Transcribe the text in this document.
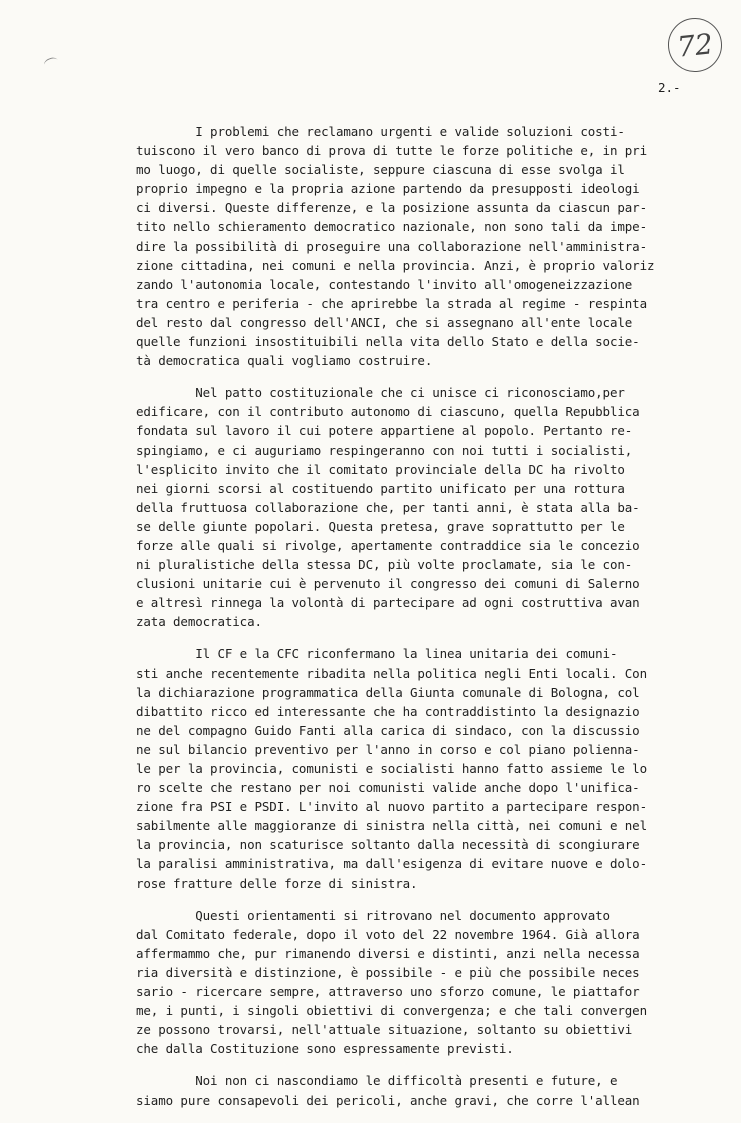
72
2.-
I problemi che reclamano urgenti e valide soluzioni costi-
tuiscono il vero banco di prova di tutte le forze politiche e, in pri
mo luogo, di quelle socialiste, seppure ciascuna di esse svolga il
proprio impegno e la propria azione partendo da presupposti ideologi
ci diversi. Queste differenze, e la posizione assunta da ciascun par-
tito nello schieramento democratico nazionale, non sono tali da impe-
dire la possibilità di proseguire una collaborazione nell'amministra-
zione cittadina, nei comuni e nella provincia. Anzi, è proprio valoriz
zando l'autonomia locale, contestando l'invito all'omogeneizzazione
tra centro e periferia - che aprirebbe la strada al regime - respinta
del resto dal congresso dell'ANCI, che si assegnano all'ente locale
quelle funzioni insostituibili nella vita dello Stato e della socie-
tà democratica quali vogliamo costruire.
Nel patto costituzionale che ci unisce ci riconosciamo,per
edificare, con il contributo autonomo di ciascuno, quella Repubblica
fondata sul lavoro il cui potere appartiene al popolo. Pertanto re-
spingiamo, e ci auguriamo respingeranno con noi tutti i socialisti,
l'esplicito invito che il comitato provinciale della DC ha rivolto
nei giorni scorsi al costituendo partito unificato per una rottura
della fruttuosa collaborazione che, per tanti anni, è stata alla ba-
se delle giunte popolari. Questa pretesa, grave soprattutto per le
forze alle quali si rivolge, apertamente contraddice sia le concezio
ni pluralistiche della stessa DC, più volte proclamate, sia le con-
clusioni unitarie cui è pervenuto il congresso dei comuni di Salerno
e altresì rinnega la volontà di partecipare ad ogni costruttiva avan
zata democratica.
Il CF e la CFC riconfermano la linea unitaria dei comuni-
sti anche recentemente ribadita nella politica negli Enti locali. Con
la dichiarazione programmatica della Giunta comunale di Bologna, col
dibattito ricco ed interessante che ha contraddistinto la designazio
ne del compagno Guido Fanti alla carica di sindaco, con la discussio
ne sul bilancio preventivo per l'anno in corso e col piano polienna-
le per la provincia, comunisti e socialisti hanno fatto assieme le lo
ro scelte che restano per noi comunisti valide anche dopo l'unifica-
zione fra PSI e PSDI. L'invito al nuovo partito a partecipare respon-
sabilmente alle maggioranze di sinistra nella città, nei comuni e nel
la provincia, non scaturisce soltanto dalla necessità di scongiurare
la paralisi amministrativa, ma dall'esigenza di evitare nuove e dolo-
rose fratture delle forze di sinistra.
Questi orientamenti si ritrovano nel documento approvato
dal Comitato federale, dopo il voto del 22 novembre 1964. Già allora
affermammo che, pur rimanendo diversi e distinti, anzi nella necessa
ria diversità e distinzione, è possibile - e più che possibile neces
sario - ricercare sempre, attraverso uno sforzo comune, le piattafor
me, i punti, i singoli obiettivi di convergenza; e che tali convergen
ze possono trovarsi, nell'attuale situazione, soltanto su obiettivi
che dalla Costituzione sono espressamente previsti.
Noi non ci nascondiamo le difficoltà presenti e future, e
siamo pure consapevoli dei pericoli, anche gravi, che corre l'allean
